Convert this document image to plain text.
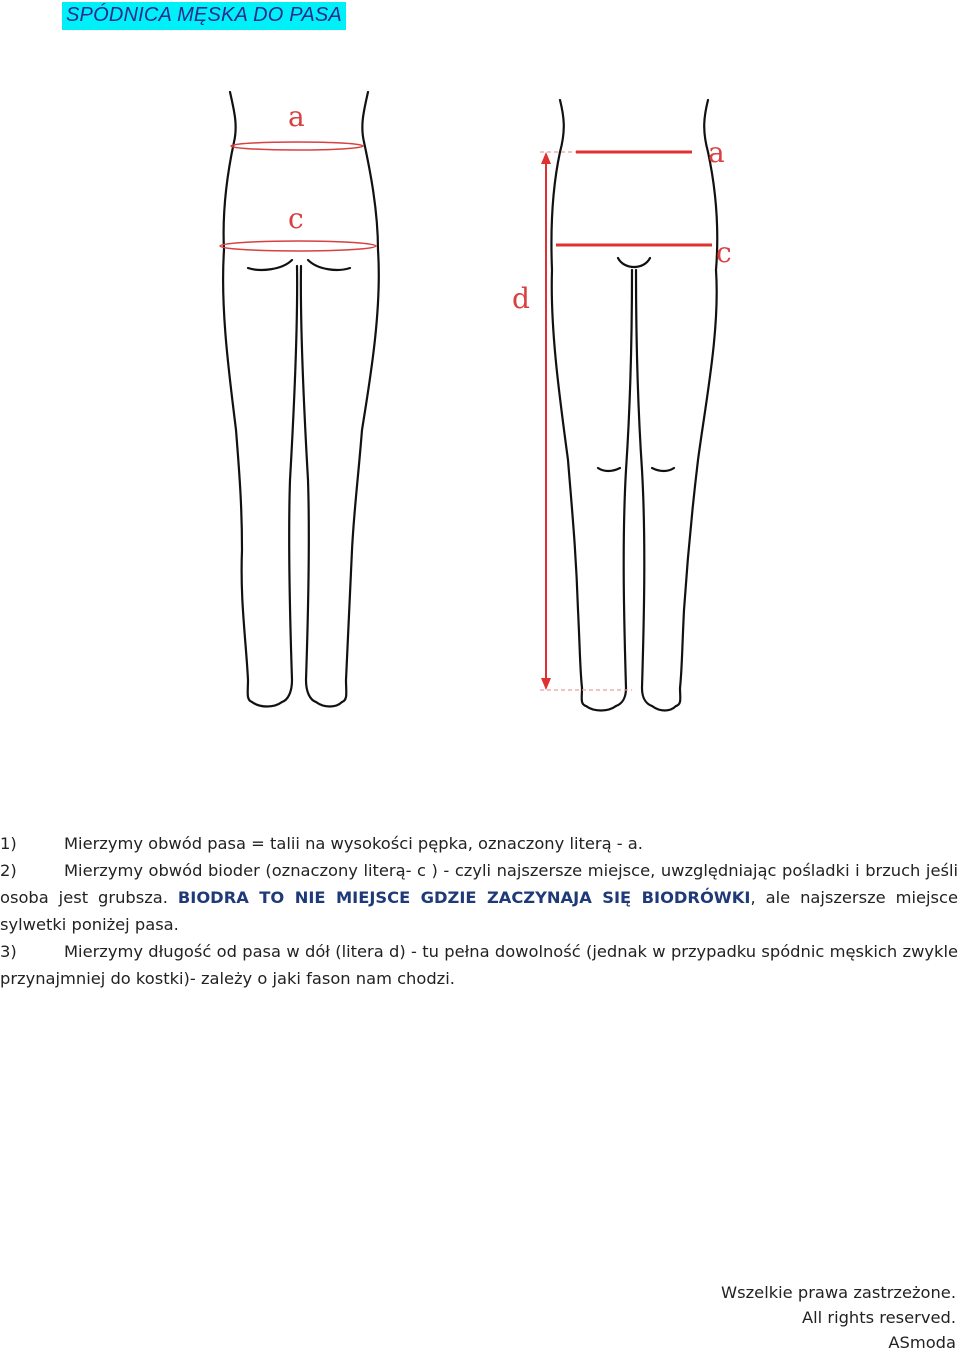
SPÓDNICA MĘSKA DO PASA
a
c
a
c
d
1)	Mierzymy obwód pasa = talii na wysokości pępka, oznaczony literą - a.
2)	Mierzymy obwód bioder (oznaczony literą- c ) - czyli najszersze miejsce, uwzględniając pośladki i brzuch jeśli osoba jest grubsza. BIODRA TO NIE MIEJSCE GDZIE ZACZYNAJA SIĘ BIODRÓWKI, ale najszersze miejsce sylwetki poniżej pasa.
3)	Mierzymy długość od pasa w dół (litera d) - tu pełna dowolność (jednak w przypadku spódnic męskich zwykle przynajmniej do kostki)- zależy o jaki fason nam chodzi.
Wszelkie prawa zastrzeżone.
All rights reserved.
ASmoda
